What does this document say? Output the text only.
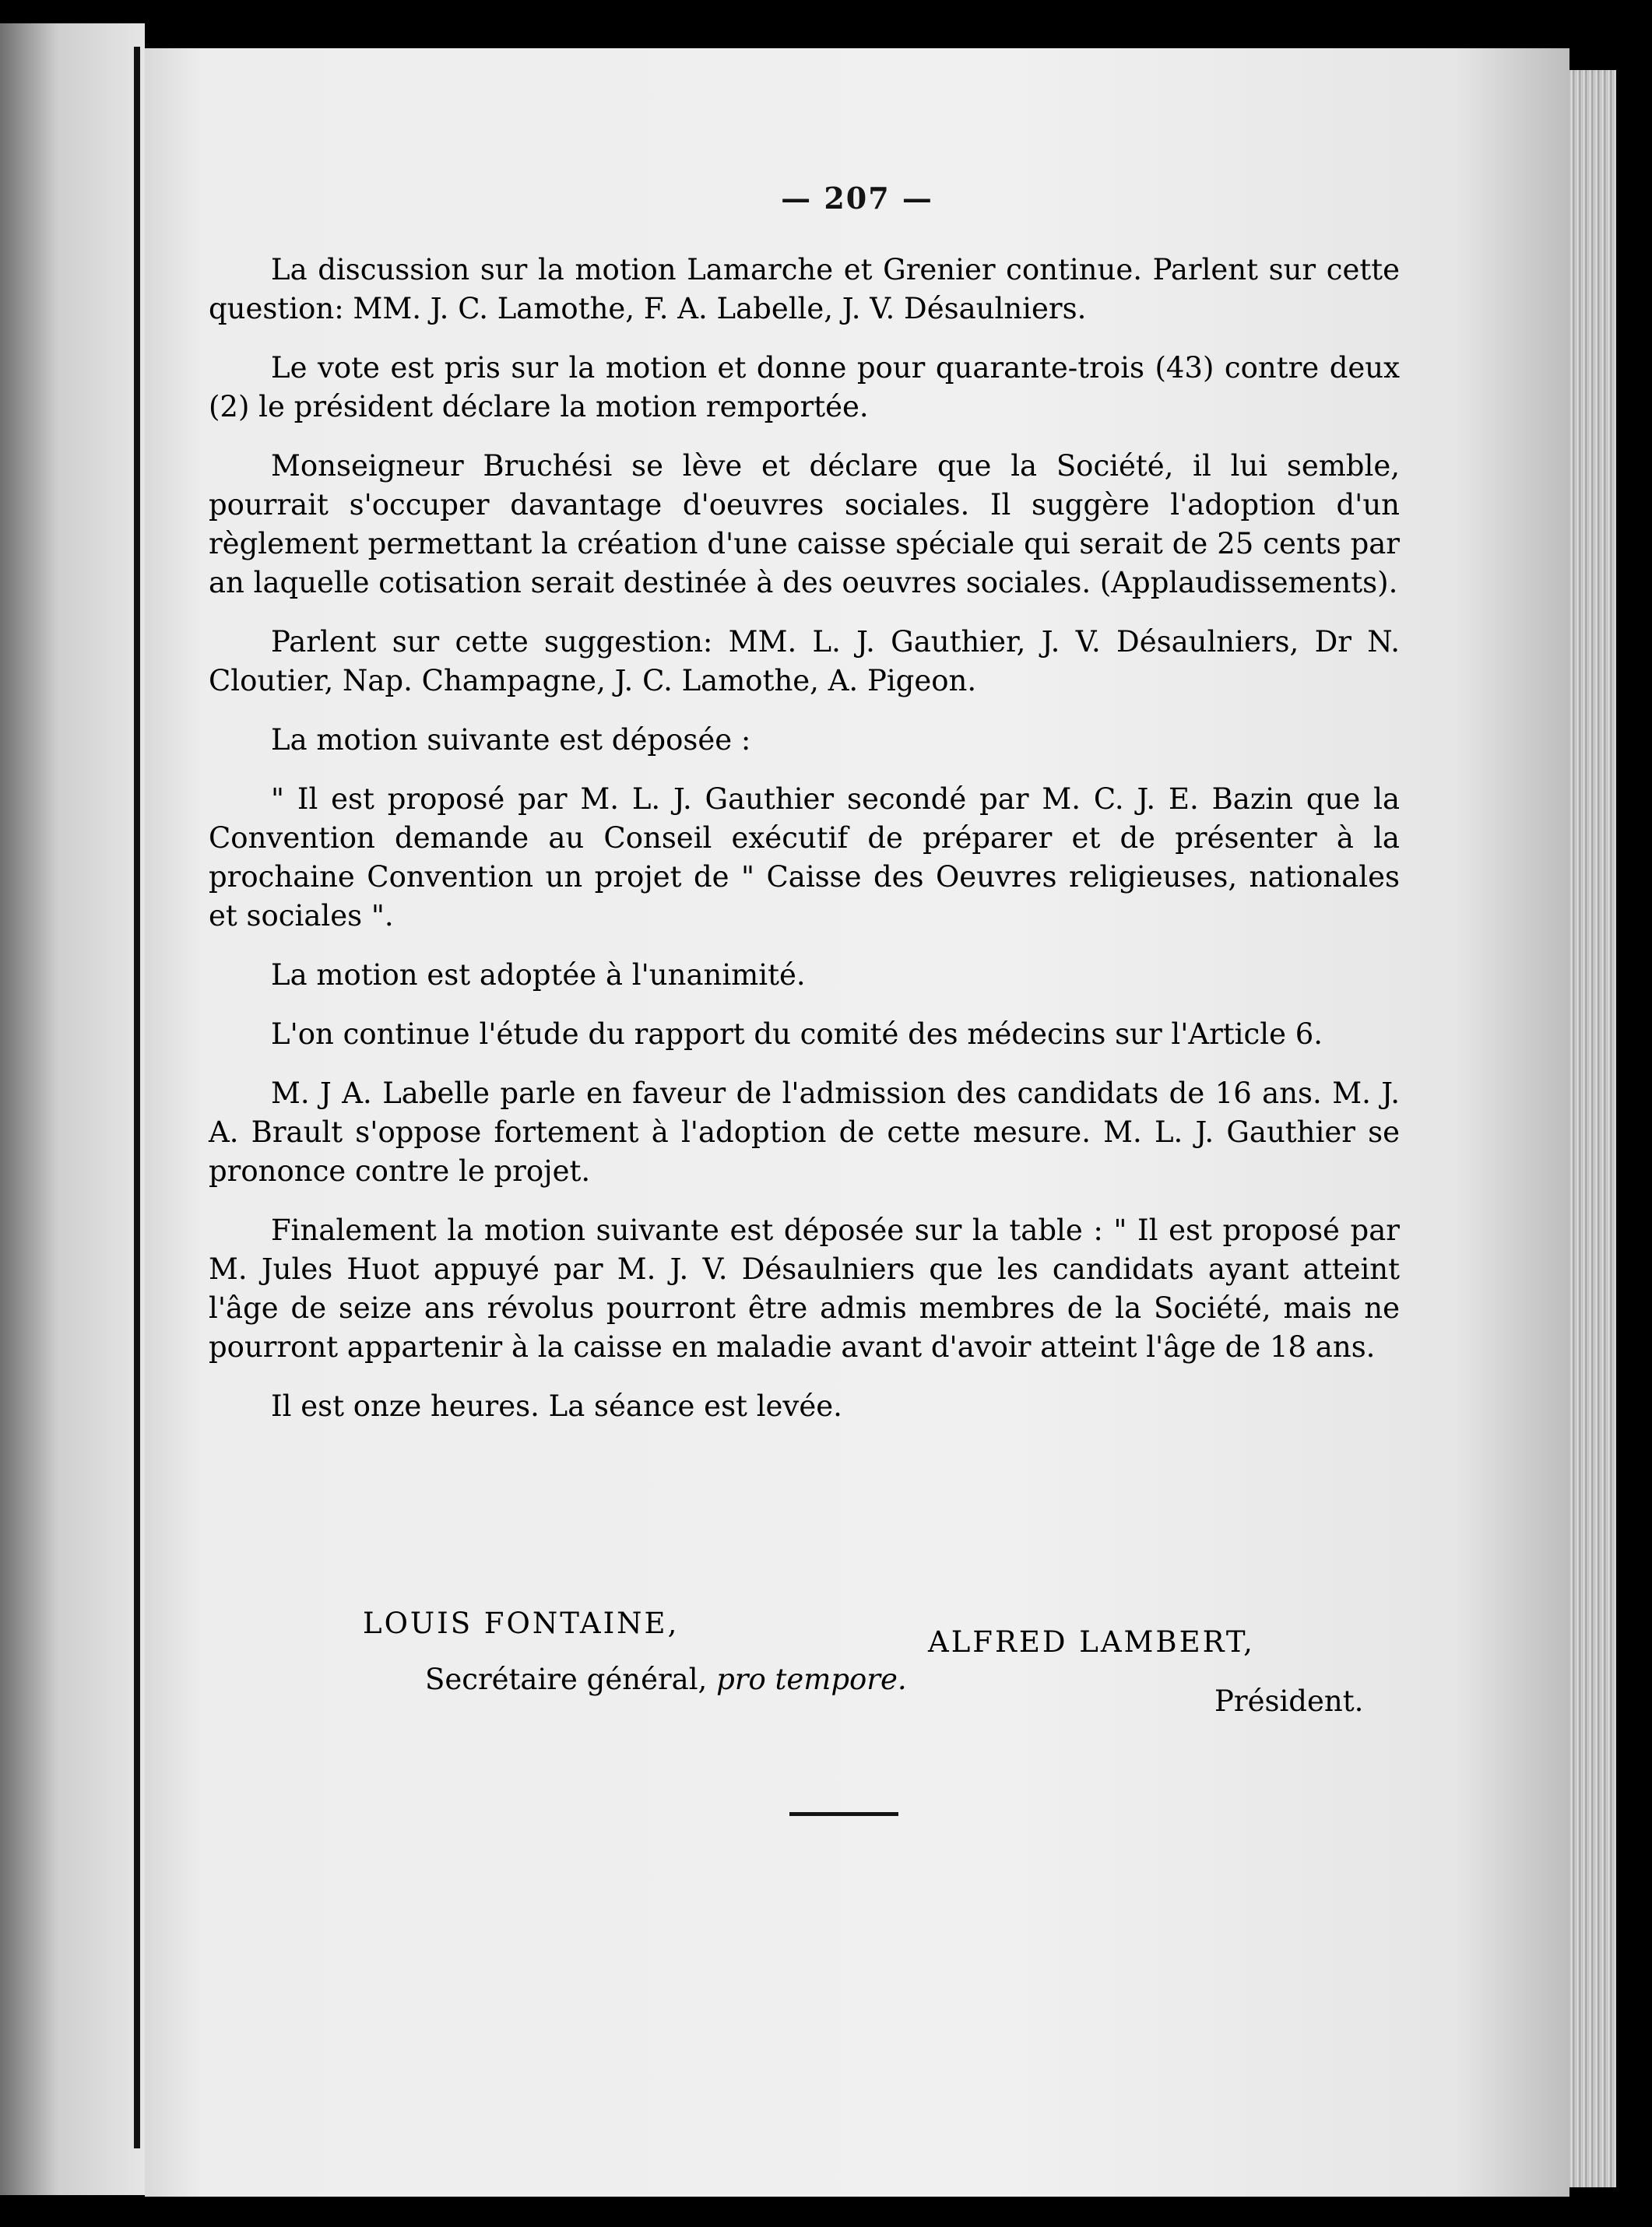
— 207 —

La discussion sur la motion Lamarche et Grenier continue. Parlent sur cette question: MM. J. C. Lamothe, F. A. Labelle, J. V. Désaulniers.

Le vote est pris sur la motion et donne pour quarante-trois (43) contre deux (2) le président déclare la motion remportée.

Monseigneur Bruchési se lève et déclare que la Société, il lui semble, pourrait s'occuper davantage d'oeuvres sociales. Il suggère l'adoption d'un règlement permettant la création d'une caisse spéciale qui serait de 25 cents par an laquelle cotisation serait destinée à des oeuvres sociales. (Applaudissements).

Parlent sur cette suggestion: MM. L. J. Gauthier, J. V. Désaulniers, Dr N. Cloutier, Nap. Champagne, J. C. Lamothe, A. Pigeon.

La motion suivante est déposée :

" Il est proposé par M. L. J. Gauthier secondé par M. C. J. E. Bazin que la Convention demande au Conseil exécutif de préparer et de présenter à la prochaine Convention un projet de " Caisse des Oeuvres religieuses, nationales et sociales ".

La motion est adoptée à l'unanimité.

L'on continue l'étude du rapport du comité des médecins sur l'Article 6.

M. J A. Labelle parle en faveur de l'admission des candidats de 16 ans. M. J. A. Brault s'oppose fortement à l'adoption de cette mesure. M. L. J. Gauthier se prononce contre le projet.

Finalement la motion suivante est déposée sur la table : " Il est proposé par M. Jules Huot appuyé par M. J. V. Désaulniers que les candidats ayant atteint l'âge de seize ans révolus pourront être admis membres de la Société, mais ne pourront appartenir à la caisse en maladie avant d'avoir atteint l'âge de 18 ans.

Il est onze heures. La séance est levée.

LOUIS FONTAINE,
Secrétaire général, pro tempore.
ALFRED LAMBERT,
Président.
